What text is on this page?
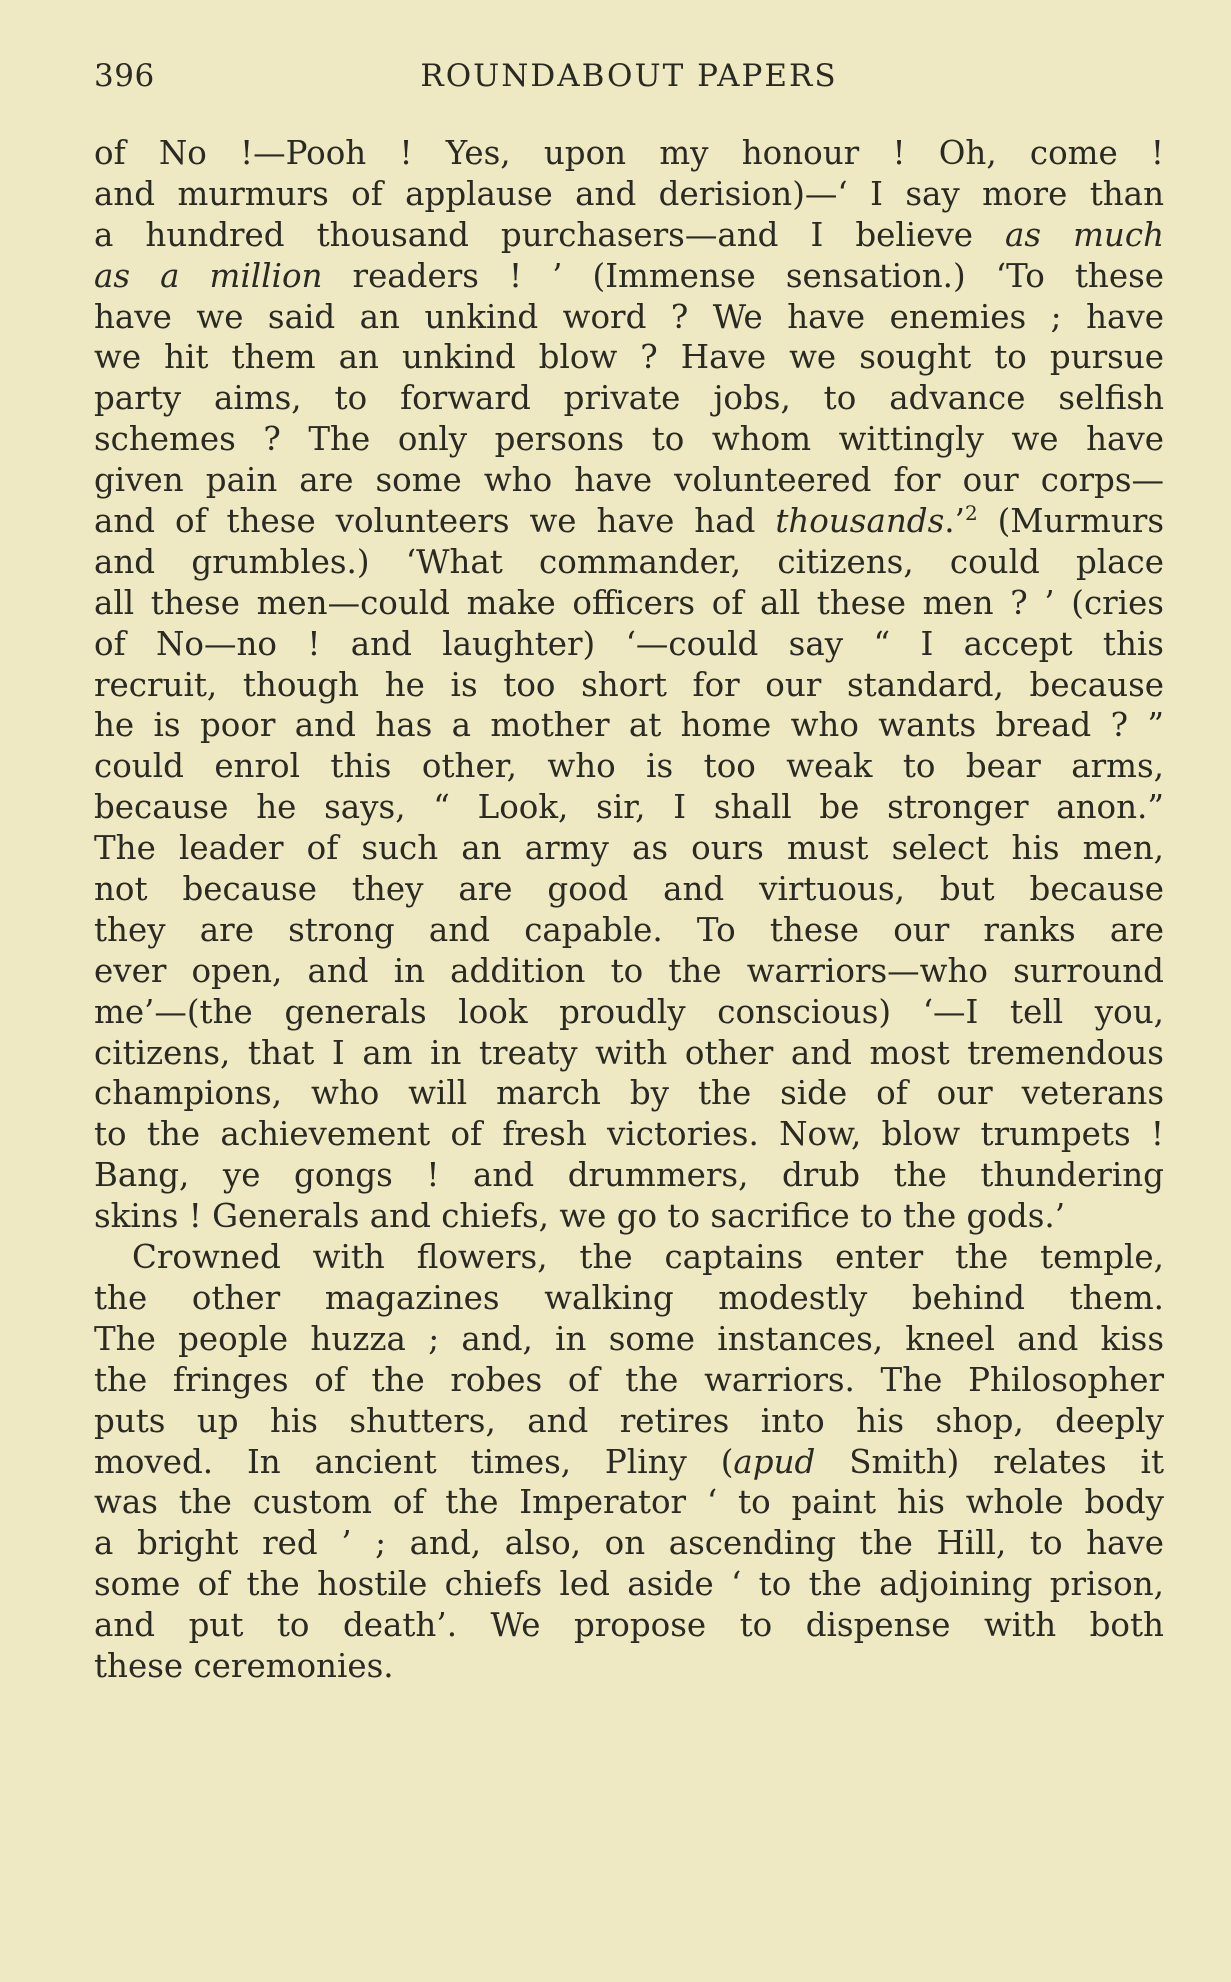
396	ROUNDABOUT PAPERS
of No !—Pooh ! Yes, upon my honour ! Oh, come !
and murmurs of applause and derision)—‘ I say more than
a hundred thousand purchasers—and I believe as much
as a million readers ! ’ (Immense sensation.) ‘To these
have we said an unkind word ? We have enemies ; have
we hit them an unkind blow ? Have we sought to pursue
party aims, to forward private jobs, to advance selfish
schemes ? The only persons to whom wittingly we have
given pain are some who have volunteered for our corps—
and of these volunteers we have had thousands.’$^2$ (Murmurs
and grumbles.) ‘What commander, citizens, could place
all these men—could make officers of all these men ? ’ (cries
of No—no ! and laughter) ‘—could say “ I accept this
recruit, though he is too short for our standard, because
he is poor and has a mother at home who wants bread ? ”
could enrol this other, who is too weak to bear arms,
because he says, “ Look, sir, I shall be stronger anon.”
The leader of such an army as ours must select his men,
not because they are good and virtuous, but because
they are strong and capable. To these our ranks are
ever open, and in addition to the warriors—who surround
me’—(the generals look proudly conscious) ‘—I tell you,
citizens, that I am in treaty with other and most tremendous
champions, who will march by the side of our veterans
to the achievement of fresh victories. Now, blow trumpets !
Bang, ye gongs ! and drummers, drub the thundering
skins ! Generals and chiefs, we go to sacrifice to the gods.’
Crowned with flowers, the captains enter the temple,
the other magazines walking modestly behind them.
The people huzza ; and, in some instances, kneel and kiss
the fringes of the robes of the warriors. The Philosopher
puts up his shutters, and retires into his shop, deeply
moved. In ancient times, Pliny (apud Smith) relates it
was the custom of the Imperator ‘ to paint his whole body
a bright red ’ ; and, also, on ascending the Hill, to have
some of the hostile chiefs led aside ‘ to the adjoining prison,
and put to death’. We propose to dispense with both
these ceremonies.
